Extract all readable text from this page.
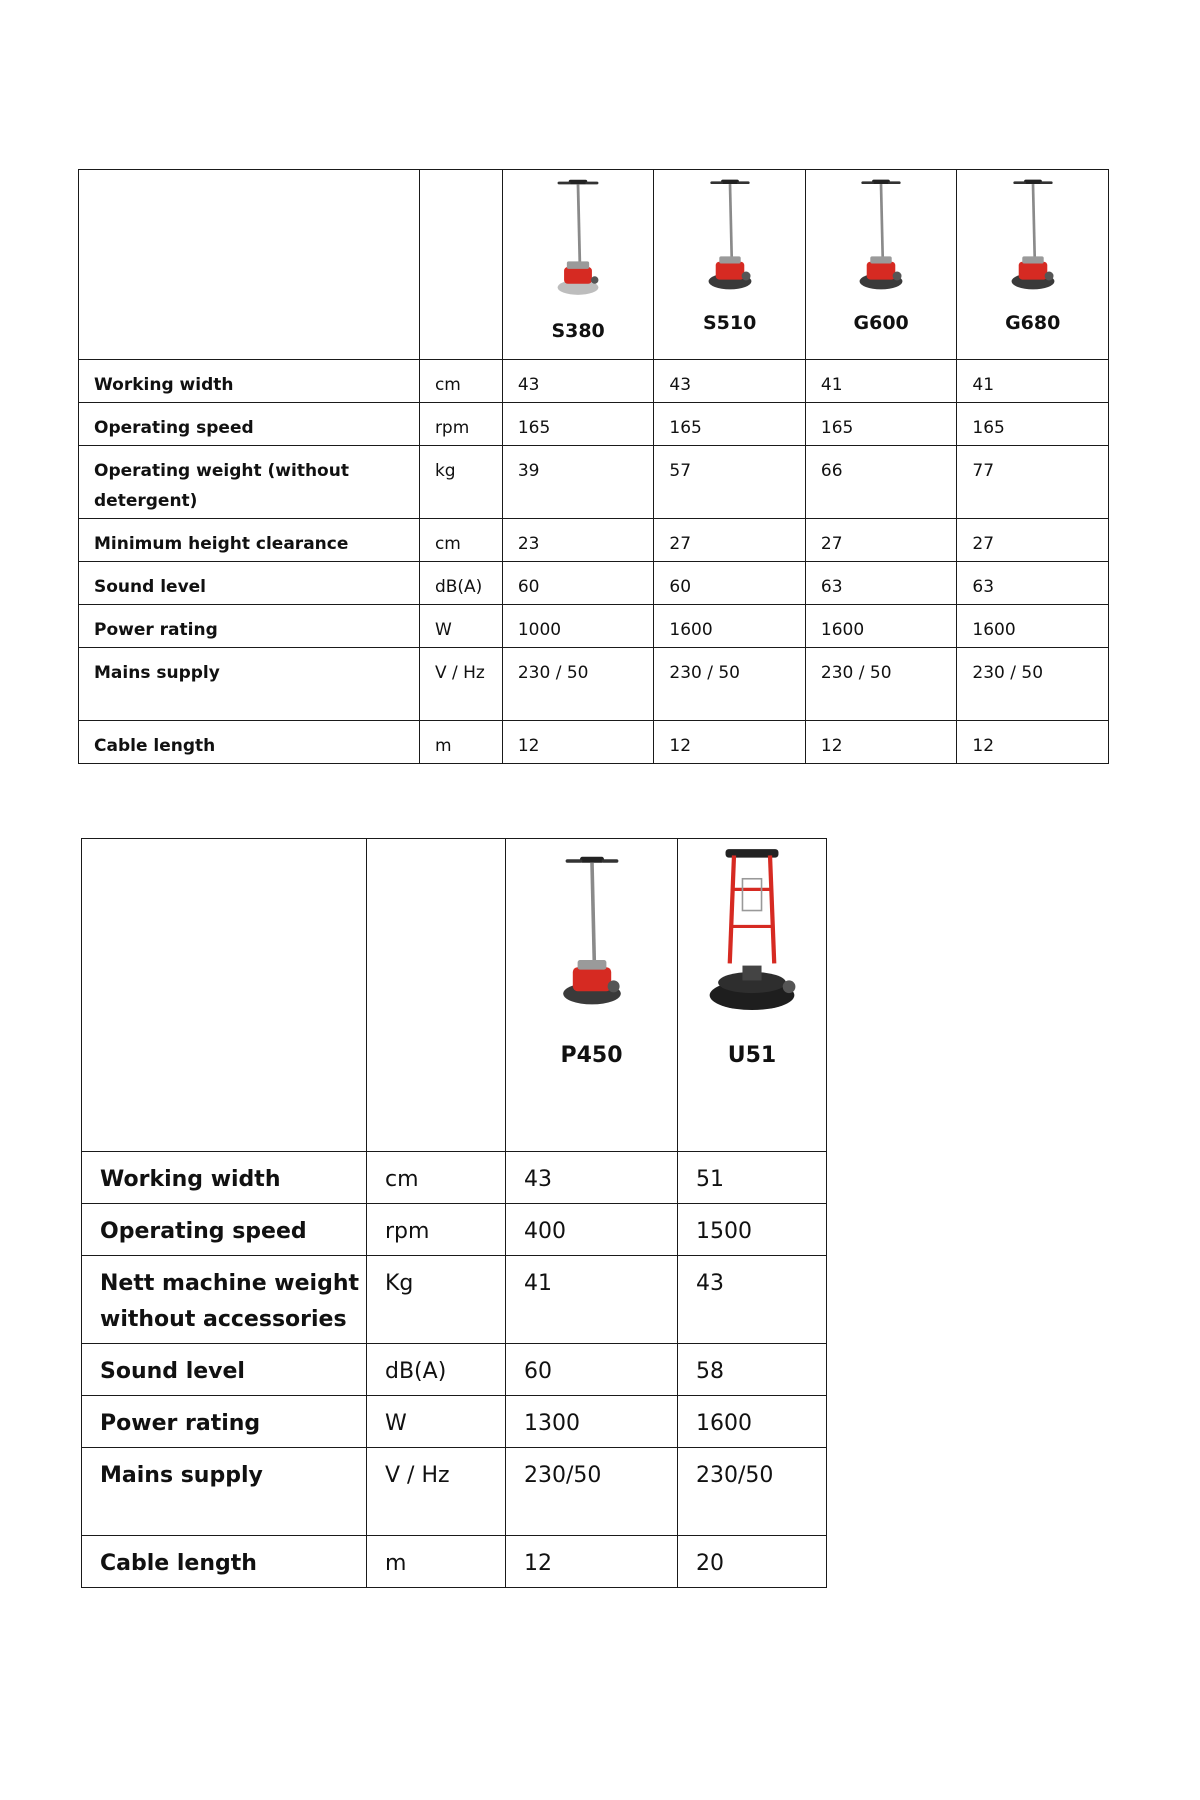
		S380	S510	G600	G680

Working width	cm	43	43	41	41
Operating speed	rpm	165	165	165	165
Operating weight (without detergent)	kg	39	57	66	77
Minimum height clearance	cm	23	27	27	27
Sound level	dB(A)	60	60	63	63
Power rating	W	1000	1600	1600	1600
Mains supply	V / Hz	230 / 50	230 / 50	230 / 50	230 / 50
Cable length	m	12	12	12	12

		P450	U51

Working width	cm	43	51
Operating speed	rpm	400	1500
Nett machine weight without accessories	Kg	41	43
Sound level	dB(A)	60	58
Power rating	W	1300	1600
Mains supply	V / Hz	230/50	230/50
Cable length	m	12	20
